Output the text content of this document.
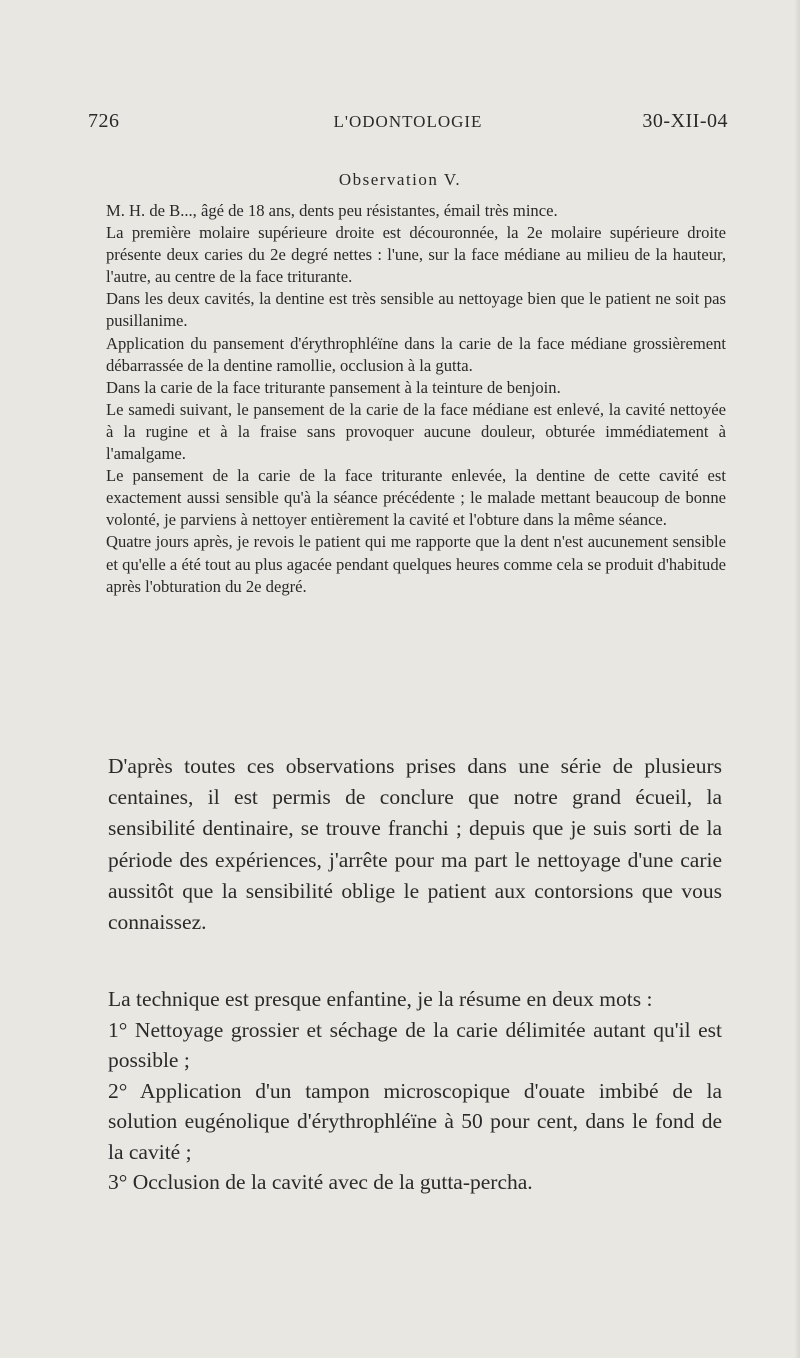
726	L'ODONTOLOGIE	30-XII-04
Observation V.

M. H. de B..., âgé de 18 ans, dents peu résistantes, émail très mince.

La première molaire supérieure droite est découronnée, la 2e molaire supérieure droite présente deux caries du 2e degré nettes : l'une, sur la face médiane au milieu de la hauteur, l'autre, au centre de la face triturante.

Dans les deux cavités, la dentine est très sensible au nettoyage bien que le patient ne soit pas pusillanime.

Application du pansement d'érythrophléïne dans la carie de la face médiane grossièrement débarrassée de la dentine ramollie, occlusion à la gutta.

Dans la carie de la face triturante pansement à la teinture de benjoin.

Le samedi suivant, le pansement de la carie de la face médiane est enlevé, la cavité nettoyée à la rugine et à la fraise sans provoquer aucune douleur, obturée immédiatement à l'amalgame.

Le pansement de la carie de la face triturante enlevée, la dentine de cette cavité est exactement aussi sensible qu'à la séance précédente ; le malade mettant beaucoup de bonne volonté, je parviens à nettoyer entièrement la cavité et l'obture dans la même séance.

Quatre jours après, je revois le patient qui me rapporte que la dent n'est aucunement sensible et qu'elle a été tout au plus agacée pendant quelques heures comme cela se produit d'habitude après l'obturation du 2e degré.

D'après toutes ces observations prises dans une série de plusieurs centaines, il est permis de conclure que notre grand écueil, la sensibilité dentinaire, se trouve franchi ; depuis que je suis sorti de la période des expériences, j'arrête pour ma part le nettoyage d'une carie aussitôt que la sensibilité oblige le patient aux contorsions que vous connaissez.

La technique est presque enfantine, je la résume en deux mots :

1° Nettoyage grossier et séchage de la carie délimitée autant qu'il est possible ;

2° Application d'un tampon microscopique d'ouate imbibé de la solution eugénolique d'érythrophléïne à 50 pour cent, dans le fond de la cavité ;

3° Occlusion de la cavité avec de la gutta-percha.
